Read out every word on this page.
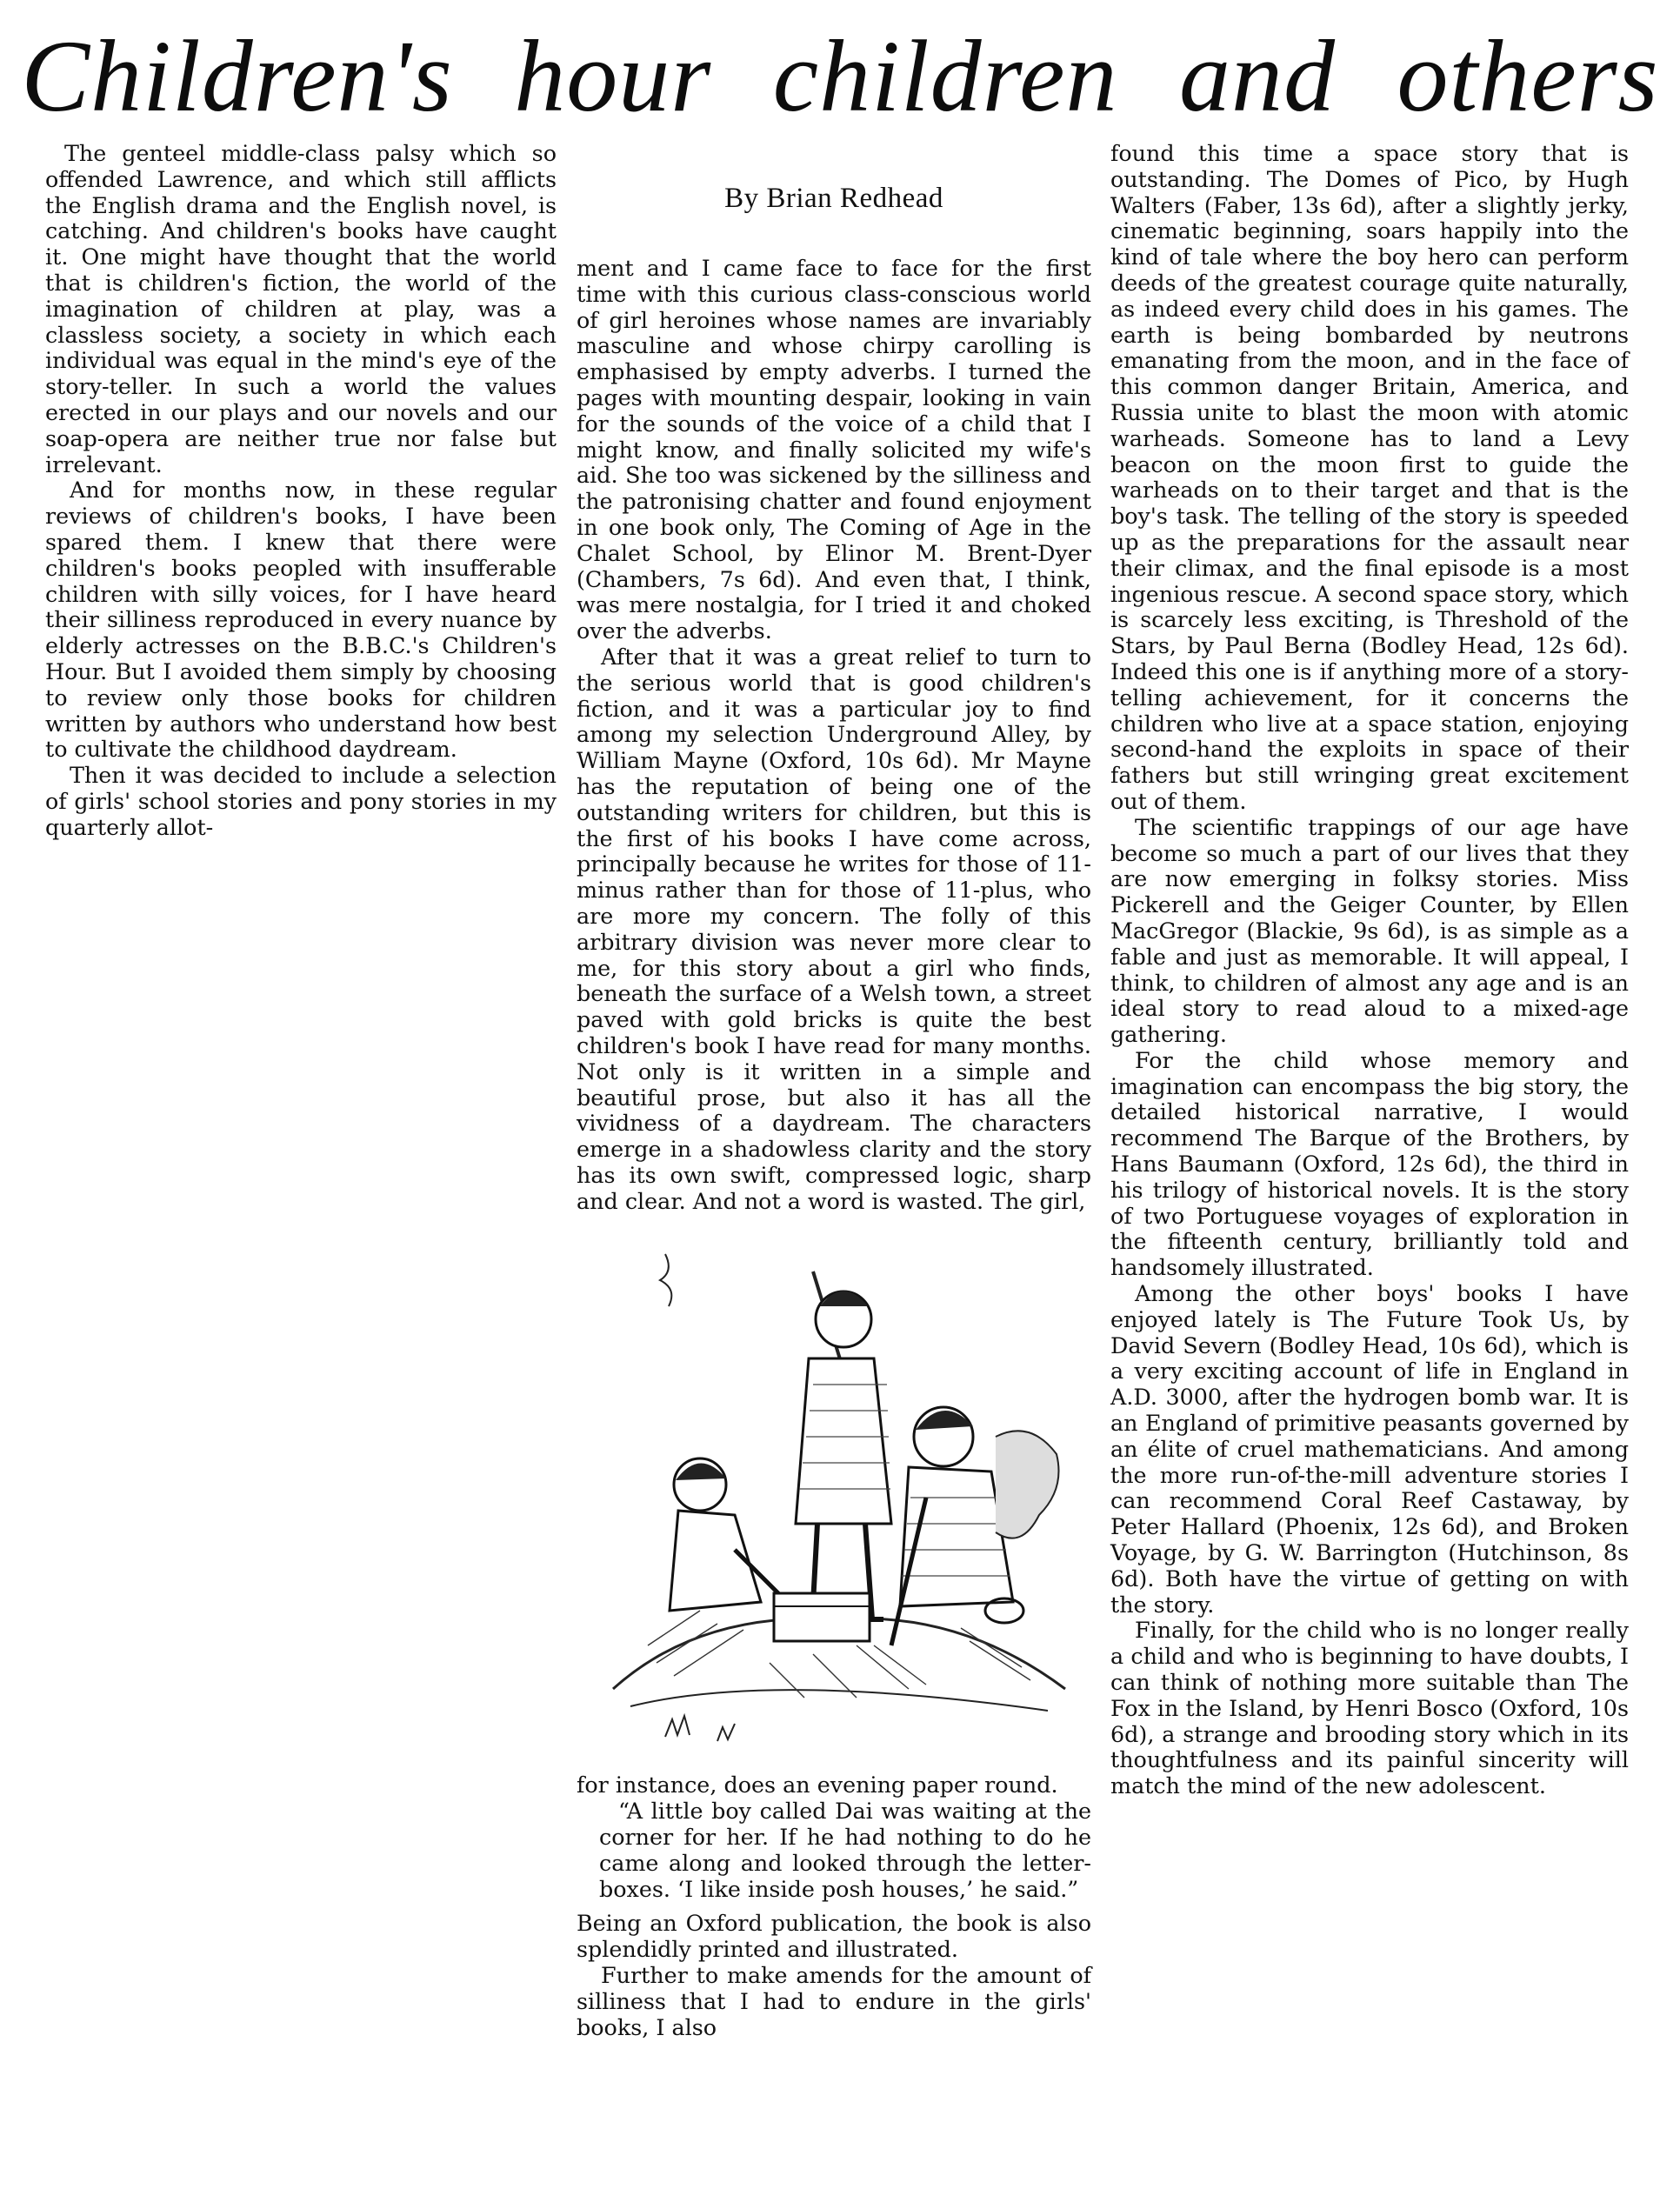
Children's hour children and others

The genteel middle-class palsy which so offended Lawrence, and which still afflicts the English drama and the English novel, is catching. And children's books have caught it. One might have thought that the world that is children's fiction, the world of the imagination of children at play, was a classless society, a society in which each individual was equal in the mind's eye of the story-teller. In such a world the values erected in our plays and our novels and our soap-opera are neither true nor false but irrelevant.

And for months now, in these regular reviews of children's books, I have been spared them. I knew that there were children's books peopled with insufferable children with silly voices, for I have heard their silliness reproduced in every nuance by elderly actresses on the B.B.C.'s Children's Hour. But I avoided them simply by choosing to review only those books for children written by authors who understand how best to cultivate the childhood daydream.

Then it was decided to include a selection of girls' school stories and pony stories in my quarterly allot-

By Brian Redhead

ment and I came face to face for the first time with this curious class-conscious world of girl heroines whose names are invariably masculine and whose chirpy carolling is emphasised by empty adverbs. I turned the pages with mounting despair, looking in vain for the sounds of the voice of a child that I might know, and finally solicited my wife's aid. She too was sickened by the silliness and the patronising chatter and found enjoyment in one book only, The Coming of Age in the Chalet School, by Elinor M. Brent-Dyer (Chambers, 7s 6d). And even that, I think, was mere nostalgia, for I tried it and choked over the adverbs.

After that it was a great relief to turn to the serious world that is good children's fiction, and it was a particular joy to find among my selection Underground Alley, by William Mayne (Oxford, 10s 6d). Mr Mayne has the reputation of being one of the outstanding writers for children, but this is the first of his books I have come across, principally because he writes for those of 11-minus rather than for those of 11-plus, who are more my concern. The folly of this arbitrary division was never more clear to me, for this story about a girl who finds, beneath the surface of a Welsh town, a street paved with gold bricks is quite the best children's book I have read for many months. Not only is it written in a simple and beautiful prose, but also it has all the vividness of a daydream. The characters emerge in a shadowless clarity and the story has its own swift, compressed logic, sharp and clear. And not a word is wasted. The girl,

for instance, does an evening paper round.

“A little boy called Dai was waiting at the corner for her. If he had nothing to do he came along and looked through the letter-boxes. ‘I like inside posh houses,’ he said.”

Being an Oxford publication, the book is also splendidly printed and illustrated.

Further to make amends for the amount of silliness that I had to endure in the girls' books, I also

found this time a space story that is outstanding. The Domes of Pico, by Hugh Walters (Faber, 13s 6d), after a slightly jerky, cinematic beginning, soars happily into the kind of tale where the boy hero can perform deeds of the greatest courage quite naturally, as indeed every child does in his games. The earth is being bombarded by neutrons emanating from the moon, and in the face of this common danger Britain, America, and Russia unite to blast the moon with atomic warheads. Someone has to land a Levy beacon on the moon first to guide the warheads on to their target and that is the boy's task. The telling of the story is speeded up as the preparations for the assault near their climax, and the final episode is a most ingenious rescue. A second space story, which is scarcely less exciting, is Threshold of the Stars, by Paul Berna (Bodley Head, 12s 6d). Indeed this one is if anything more of a story-telling achievement, for it concerns the children who live at a space station, enjoying second-hand the exploits in space of their fathers but still wringing great excitement out of them.

The scientific trappings of our age have become so much a part of our lives that they are now emerging in folksy stories. Miss Pickerell and the Geiger Counter, by Ellen MacGregor (Blackie, 9s 6d), is as simple as a fable and just as memorable. It will appeal, I think, to children of almost any age and is an ideal story to read aloud to a mixed-age gathering.

For the child whose memory and imagination can encompass the big story, the detailed historical narrative, I would recommend The Barque of the Brothers, by Hans Baumann (Oxford, 12s 6d), the third in his trilogy of historical novels. It is the story of two Portuguese voyages of exploration in the fifteenth century, brilliantly told and handsomely illustrated.

Among the other boys' books I have enjoyed lately is The Future Took Us, by David Severn (Bodley Head, 10s 6d), which is a very exciting account of life in England in A.D. 3000, after the hydrogen bomb war. It is an England of primitive peasants governed by an élite of cruel mathematicians. And among the more run-of-the-mill adventure stories I can recommend Coral Reef Castaway, by Peter Hallard (Phoenix, 12s 6d), and Broken Voyage, by G. W. Barrington (Hutchinson, 8s 6d). Both have the virtue of getting on with the story.

Finally, for the child who is no longer really a child and who is beginning to have doubts, I can think of nothing more suitable than The Fox in the Island, by Henri Bosco (Oxford, 10s 6d), a strange and brooding story which in its thoughtfulness and its painful sincerity will match the mind of the new adolescent.
